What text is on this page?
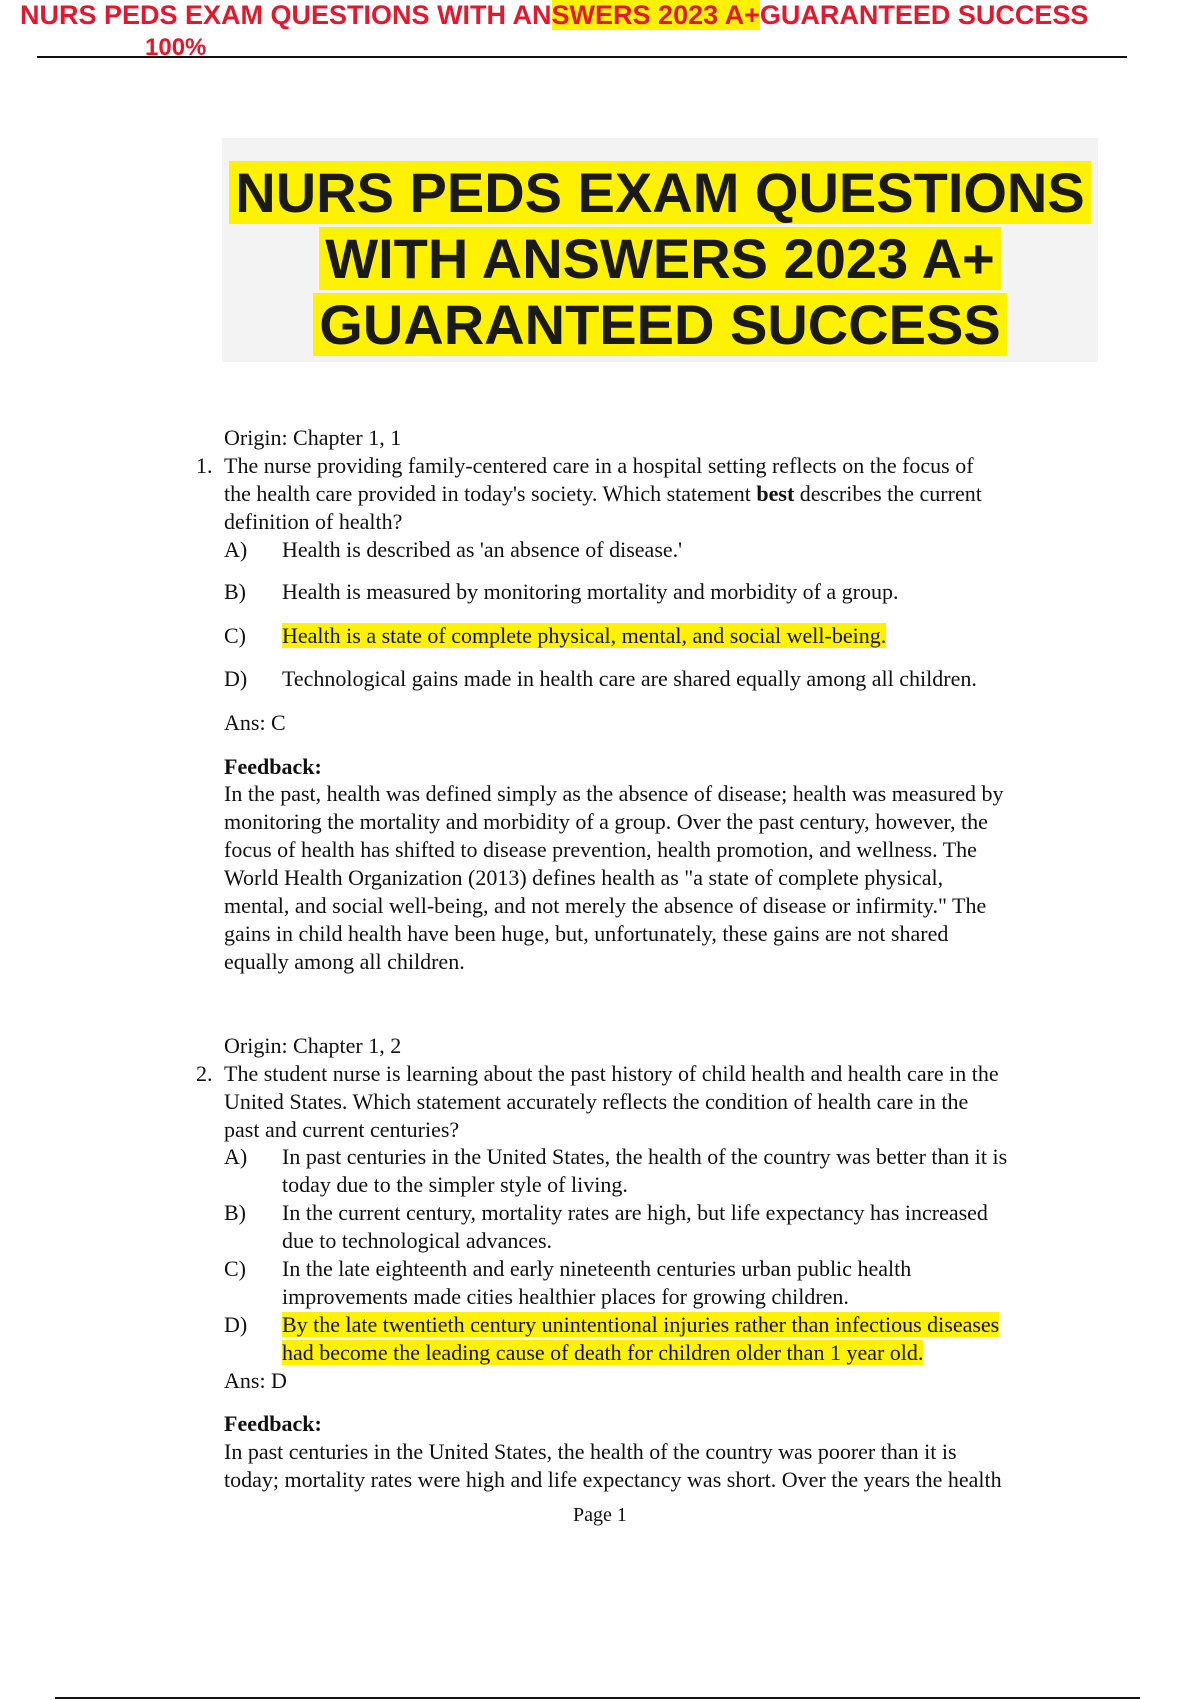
NURS PEDS EXAM QUESTIONS WITH ANSWERS 2023 A+GUARANTEED SUCCESS
100%
NURS PEDS EXAM QUESTIONS
WITH ANSWERS 2023 A+
GUARANTEED SUCCESS
Origin: Chapter 1, 1
1. The nurse providing family-centered care in a hospital setting reflects on the focus of
the health care provided in today's society. Which statement best describes the current
definition of health?
A) Health is described as 'an absence of disease.'
B) Health is measured by monitoring mortality and morbidity of a group.
C) Health is a state of complete physical, mental, and social well-being.
D) Technological gains made in health care are shared equally among all children.
Ans: C
Feedback:
In the past, health was defined simply as the absence of disease; health was measured by
monitoring the mortality and morbidity of a group. Over the past century, however, the
focus of health has shifted to disease prevention, health promotion, and wellness. The
World Health Organization (2013) defines health as "a state of complete physical,
mental, and social well-being, and not merely the absence of disease or infirmity." The
gains in child health have been huge, but, unfortunately, these gains are not shared
equally among all children.
Origin: Chapter 1, 2
2. The student nurse is learning about the past history of child health and health care in the
United States. Which statement accurately reflects the condition of health care in the
past and current centuries?
A) In past centuries in the United States, the health of the country was better than it is
today due to the simpler style of living.
B) In the current century, mortality rates are high, but life expectancy has increased
due to technological advances.
C) In the late eighteenth and early nineteenth centuries urban public health
improvements made cities healthier places for growing children.
D) By the late twentieth century unintentional injuries rather than infectious diseases
had become the leading cause of death for children older than 1 year old.
Ans: D
Feedback:
In past centuries in the United States, the health of the country was poorer than it is
today; mortality rates were high and life expectancy was short. Over the years the health
Page 1
